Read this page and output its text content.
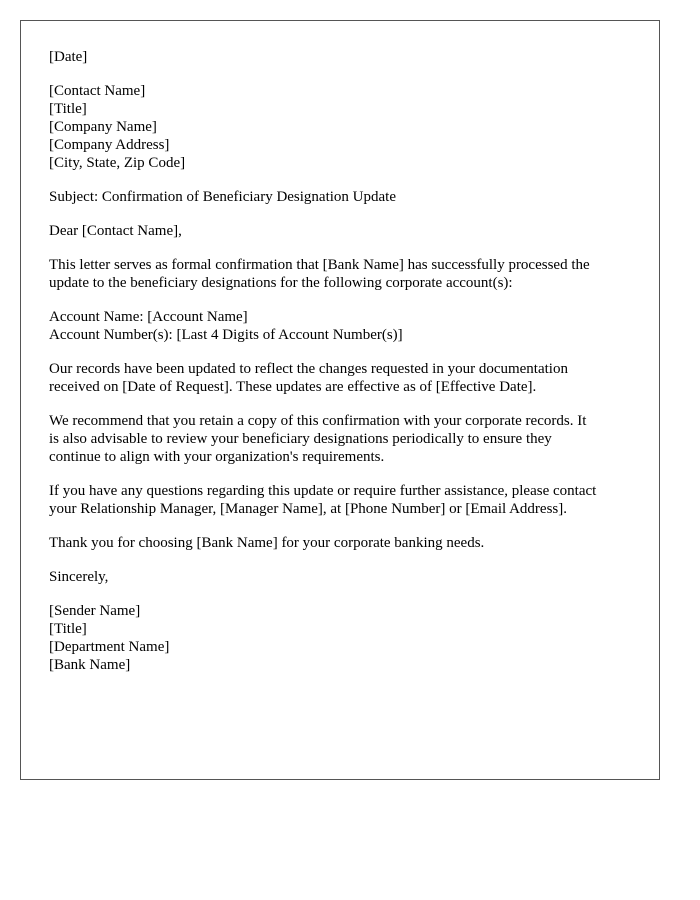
[Date]
[Contact Name]
[Title]
[Company Name]
[Company Address]
[City, State, Zip Code]
Subject: Confirmation of Beneficiary Designation Update
Dear [Contact Name],
This letter serves as formal confirmation that [Bank Name] has successfully processed the
update to the beneficiary designations for the following corporate account(s):
Account Name: [Account Name]
Account Number(s): [Last 4 Digits of Account Number(s)]
Our records have been updated to reflect the changes requested in your documentation
received on [Date of Request]. These updates are effective as of [Effective Date].
We recommend that you retain a copy of this confirmation with your corporate records. It
is also advisable to review your beneficiary designations periodically to ensure they
continue to align with your organization's requirements.
If you have any questions regarding this update or require further assistance, please contact
your Relationship Manager, [Manager Name], at [Phone Number] or [Email Address].
Thank you for choosing [Bank Name] for your corporate banking needs.
Sincerely,
[Sender Name]
[Title]
[Department Name]
[Bank Name]
